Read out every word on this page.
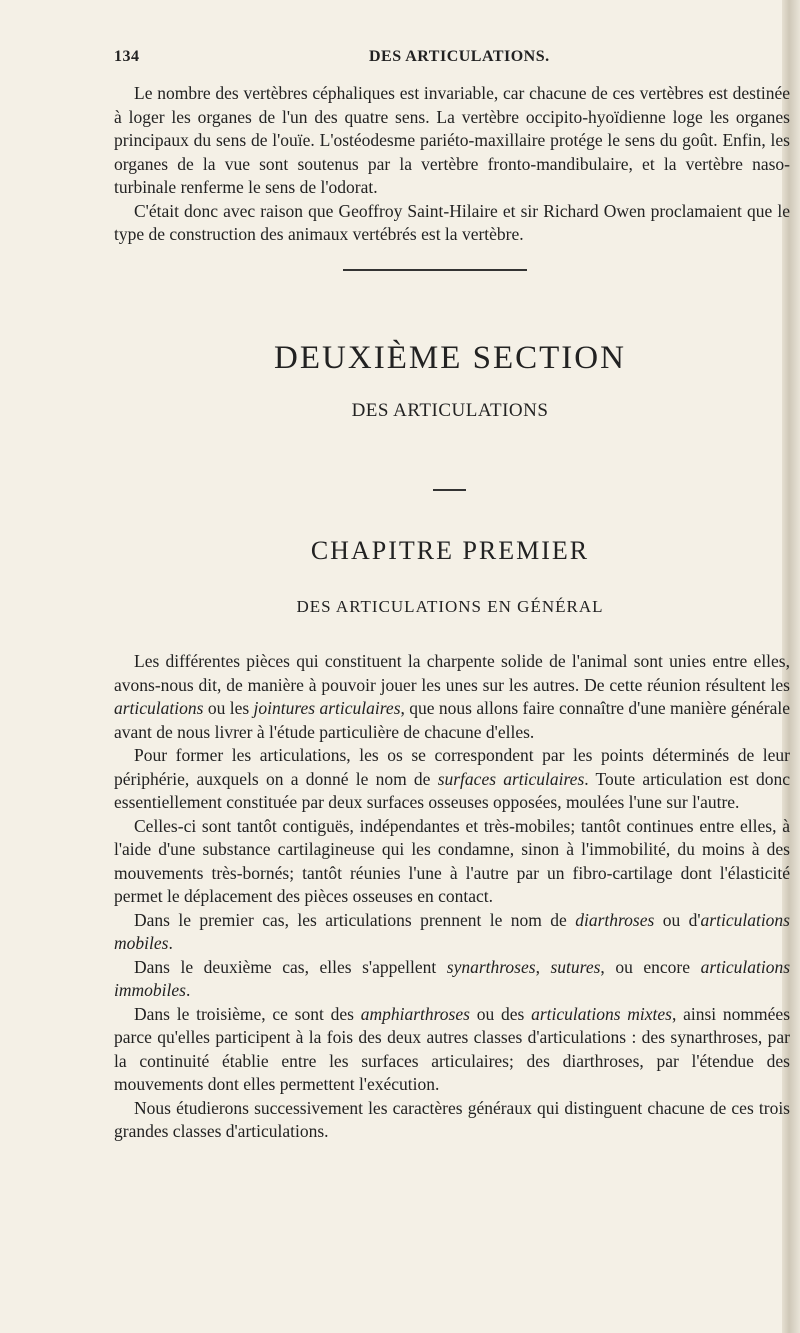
134	DES ARTICULATIONS.

Le nombre des vertèbres céphaliques est invariable, car chacune de ces vertèbres est destinée à loger les organes de l'un des quatre sens. La vertèbre occipito-hyoïdienne loge les organes principaux du sens de l'ouïe. L'ostéodesme pariéto-maxillaire protége le sens du goût. Enfin, les organes de la vue sont soutenus par la vertèbre fronto-mandibulaire, et la vertèbre naso-turbinale renferme le sens de l'odorat.

C'était donc avec raison que Geoffroy Saint-Hilaire et sir Richard Owen proclamaient que le type de construction des animaux vertébrés est la vertèbre.

DEUXIÈME SECTION
DES ARTICULATIONS
CHAPITRE PREMIER
DES ARTICULATIONS EN GÉNÉRAL

Les différentes pièces qui constituent la charpente solide de l'animal sont unies entre elles, avons-nous dit, de manière à pouvoir jouer les unes sur les autres. De cette réunion résultent les articulations ou les jointures articulaires, que nous allons faire connaître d'une manière générale avant de nous livrer à l'étude particulière de chacune d'elles.

Pour former les articulations, les os se correspondent par les points déterminés de leur périphérie, auxquels on a donné le nom de surfaces articulaires. Toute articulation est donc essentiellement constituée par deux surfaces osseuses opposées, moulées l'une sur l'autre.

Celles-ci sont tantôt contiguës, indépendantes et très-mobiles; tantôt continues entre elles, à l'aide d'une substance cartilagineuse qui les condamne, sinon à l'immobilité, du moins à des mouvements très-bornés; tantôt réunies l'une à l'autre par un fibro-cartilage dont l'élasticité permet le déplacement des pièces osseuses en contact.

Dans le premier cas, les articulations prennent le nom de diarthroses ou d'articulations mobiles.

Dans le deuxième cas, elles s'appellent synarthroses, sutures, ou encore articulations immobiles.

Dans le troisième, ce sont des amphiarthroses ou des articulations mixtes, ainsi nommées parce qu'elles participent à la fois des deux autres classes d'articulations : des synarthroses, par la continuité établie entre les surfaces articulaires; des diarthroses, par l'étendue des mouvements dont elles permettent l'exécution.

Nous étudierons successivement les caractères généraux qui distinguent chacune de ces trois grandes classes d'articulations.
